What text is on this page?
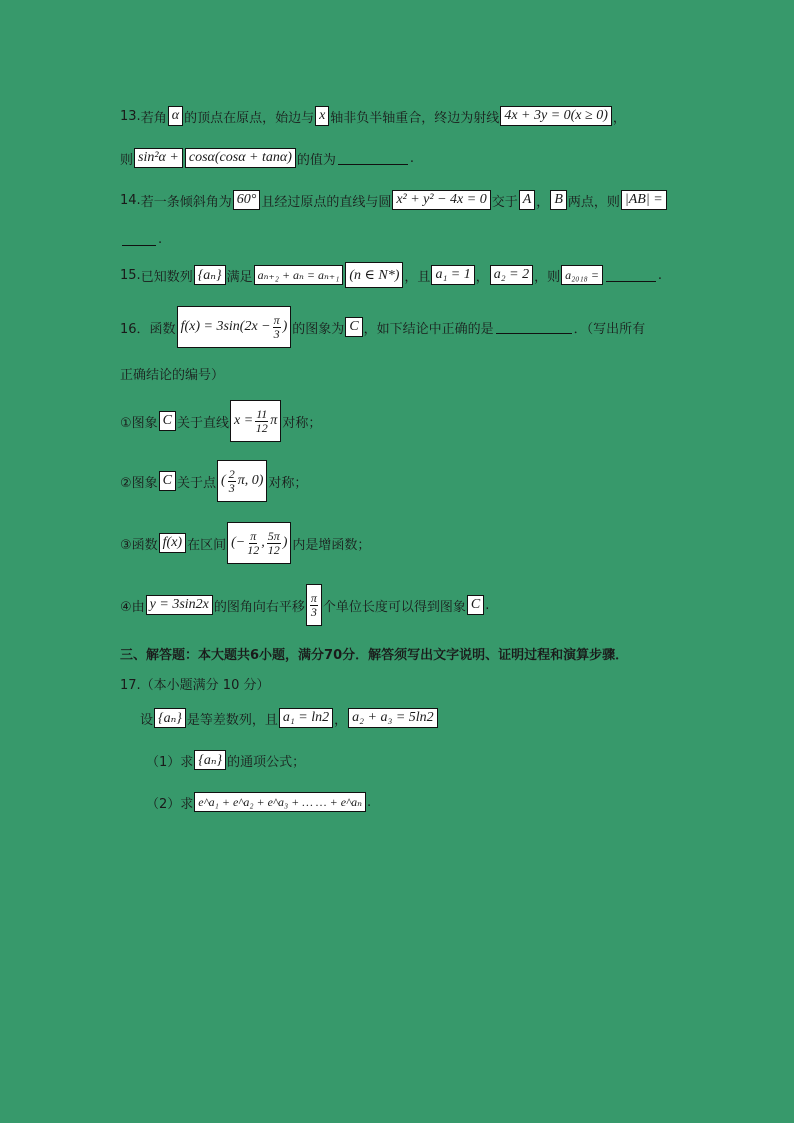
13. 若角 α 的顶点在原点，始边与 x 轴非负半轴重合，终边为射线 4x + 3y = 0(x ≥ 0) ，
则 sin²α + cosα(cosα + tanα) 的值为	.
14. 若一条倾斜角为 60° 且经过原点的直线与圆 x² + y² − 4x = 0 交于 A ， B 两点，则 |AB| =
.
15. 已知数列 {aₙ} 满足 aₙ₊₂ + aₙ = aₙ₊₁ (n ∈ N*) ，且 a₁ = 1 ， a₂ = 2 ，则 a₂₀₁₈ =	.
16． 函数 $f(x) = 3\sin(2x - \frac{\pi}{3}$ ) 的图象为 C ，如下结论中正确的是	．（写出所有
正确结论的编号）
①图象 C 关于直线 $x = \frac{11}{12}$ π 对称；
②图象 C 关于点 ( $\frac{2}{3} \pi$, 0) 对称；
③函数 f(x) 在区间 (− $\frac{\pi}{12}$ , $\frac{5\pi}{12}$ ) 内是增函数；
④由 y = 3sin2x 的图角向右平移 $\frac{\pi}{3}$ 个单位长度可以得到图象 C .
三、解答题：本大题共6小题，满分70分．解答须写出文字说明、证明过程和演算步骤．
17.（本小题满分 10 分）
设 {aₙ} 是等差数列，且 a₁ = ln2 ， a₂ + a₃ = 5ln2
（1）求 {aₙ} 的通项公式；
（2）求 e^a₁ + e^a₂ + e^a₃ + … … + e^aₙ .
